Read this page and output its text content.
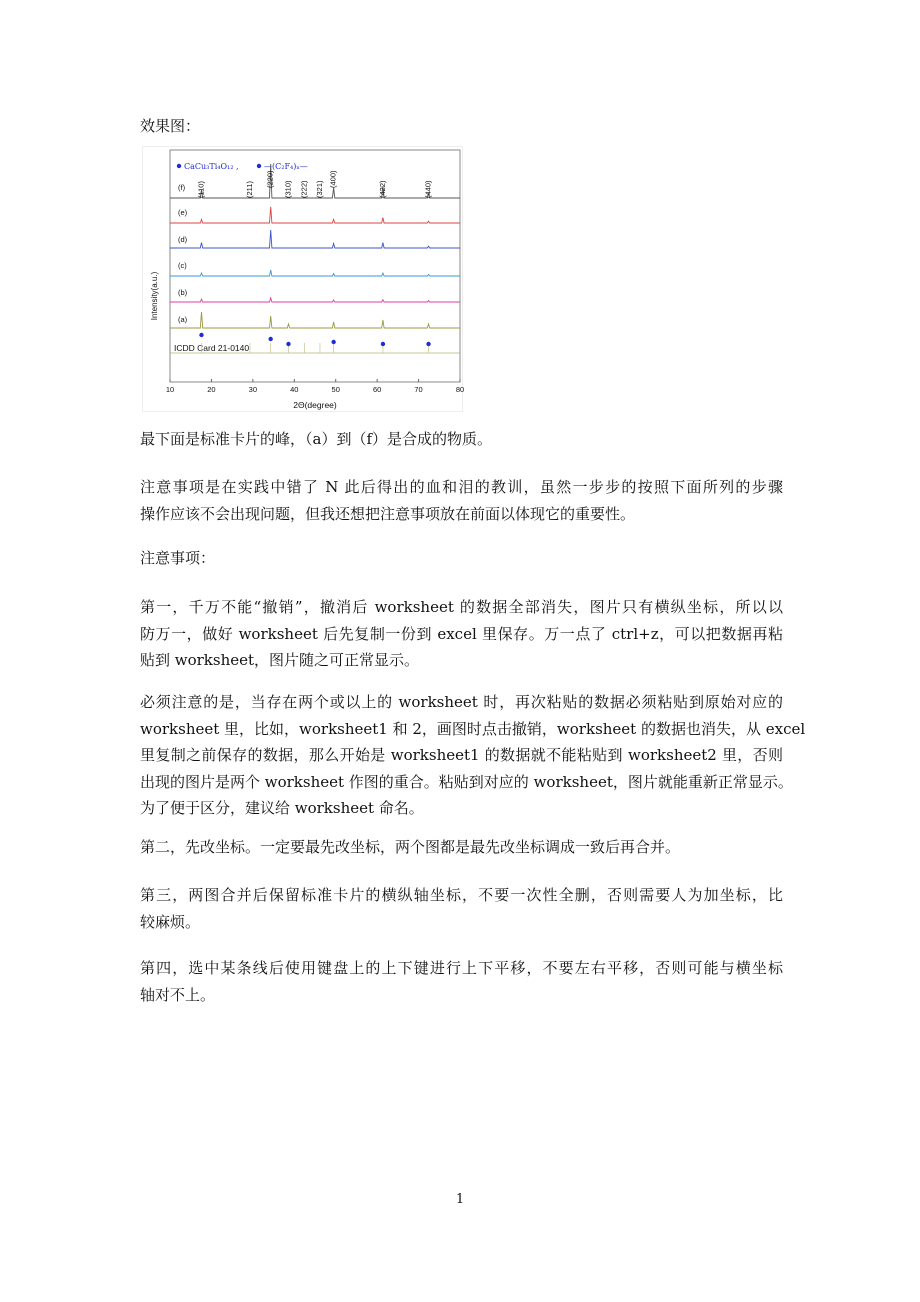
效果图：
CaCu₃Ti₄O₁₂ ,	—(C₂F₄)ₙ—
ICDD Card 21-0140
Intensity(a.u.)
2Θ(degree)
10	20	30	40	50	60	70	80
(a)
(b)
(c)
(d)
(e)
(f) (110)	(211)
(220)
(310) (222) (321)
(400)
(422)	(440)

最下面是标准卡片的峰，（a）到（f）是合成的物质。

注意事项是在实践中错了 N 此后得出的血和泪的教训，虽然一步步的按照下面所列的步骤
操作应该不会出现问题，但我还想把注意事项放在前面以体现它的重要性。

注意事项：

第一，千万不能“撤销”，撤消后 worksheet 的数据全部消失，图片只有横纵坐标，所以以
防万一，做好 worksheet 后先复制一份到 excel 里保存。万一点了 ctrl+z，可以把数据再粘
贴到 worksheet，图片随之可正常显示。

必须注意的是，当存在两个或以上的 worksheet 时，再次粘贴的数据必须粘贴到原始对应的
worksheet 里，比如，worksheet1 和 2，画图时点击撤销，worksheet 的数据也消失，从 excel
里复制之前保存的数据，那么开始是 worksheet1 的数据就不能粘贴到 worksheet2 里，否则
出现的图片是两个 worksheet 作图的重合。粘贴到对应的 worksheet，图片就能重新正常显示。
为了便于区分，建议给 worksheet 命名。

第二，先改坐标。一定要最先改坐标，两个图都是最先改坐标调成一致后再合并。

第三，两图合并后保留标准卡片的横纵轴坐标，不要一次性全删，否则需要人为加坐标，比
较麻烦。

第四，选中某条线后使用键盘上的上下键进行上下平移，不要左右平移，否则可能与横坐标
轴对不上。

1
